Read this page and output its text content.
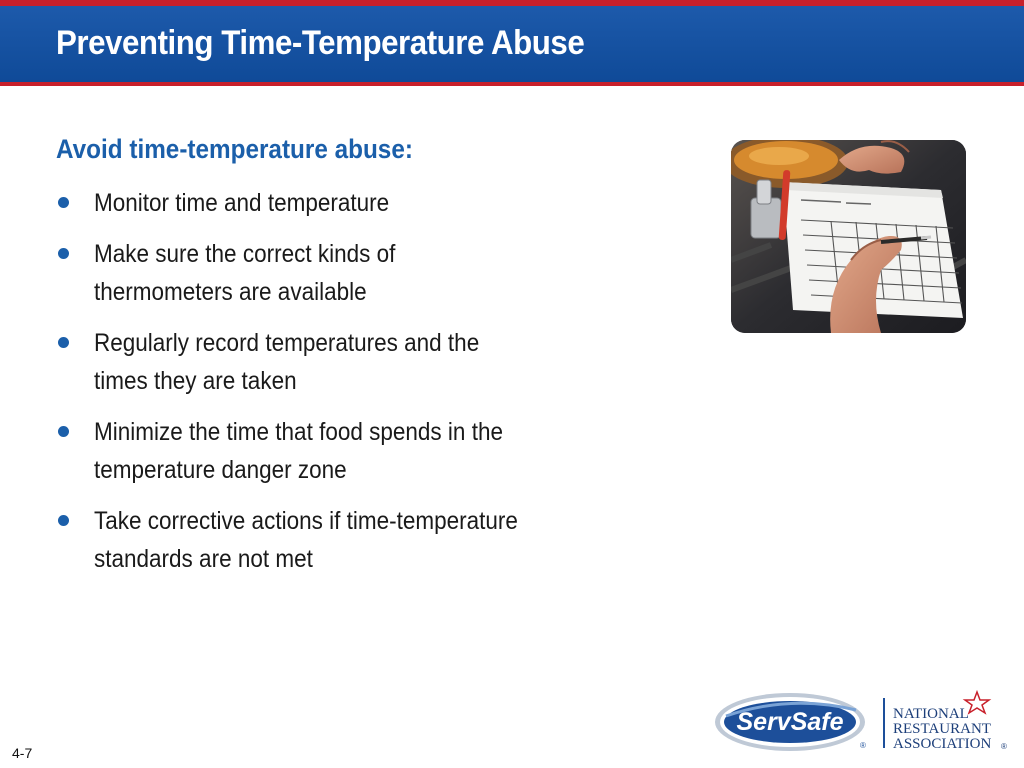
Preventing Time-Temperature Abuse
Avoid time-temperature abuse:
Monitor time and temperature
Make sure the correct kinds of
thermometers are available
Regularly record temperatures and the
times they are taken
Minimize the time that food spends in the
temperature danger zone
Take corrective actions if time-temperature
standards are not met
ServSafe
®
NATIONAL
RESTAURANT
ASSOCIATION ®

4-7
